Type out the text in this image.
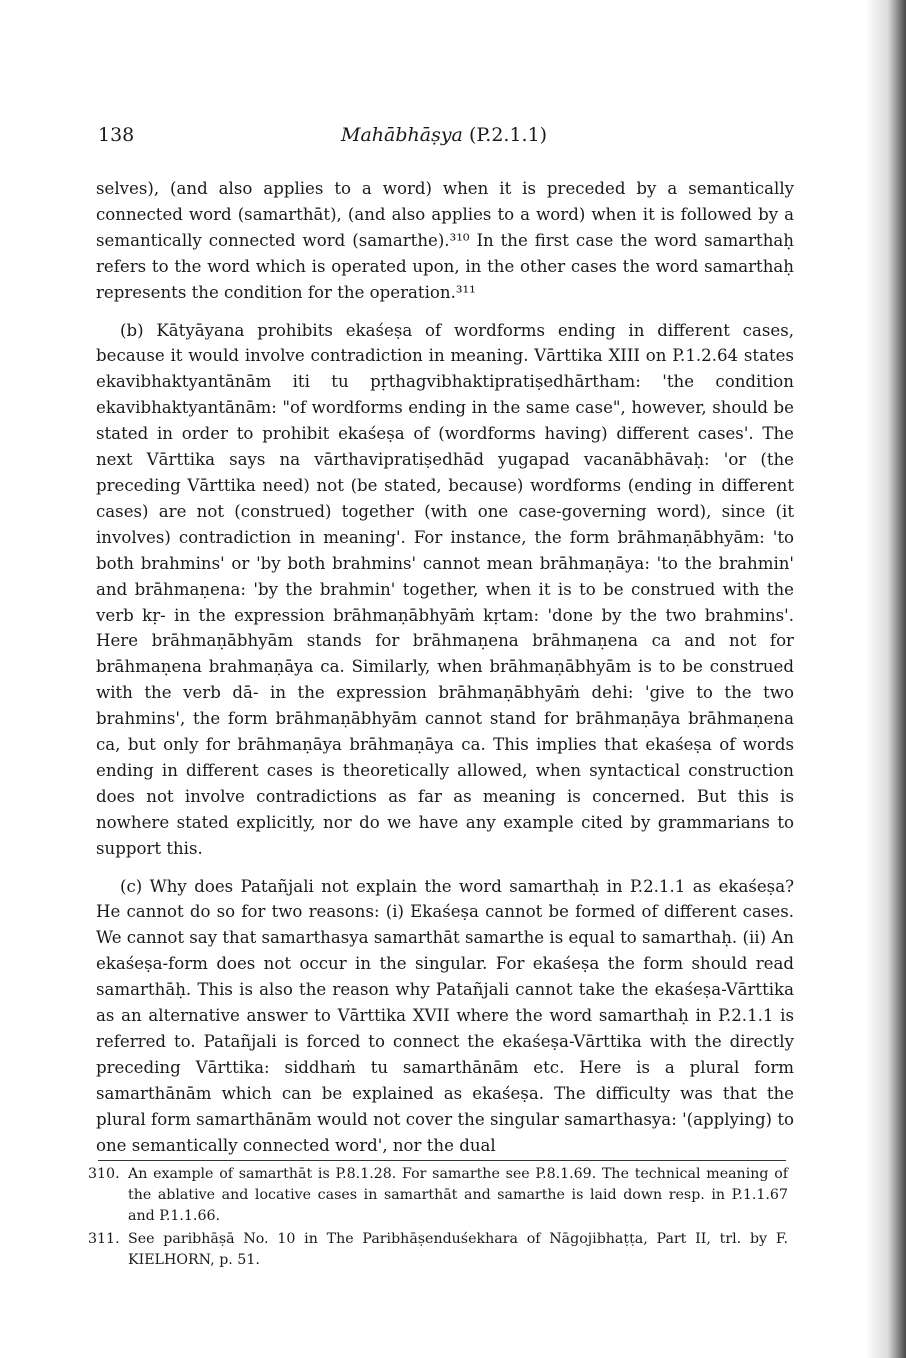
138	Mahābhāṣya (P.2.1.1)

selves), (and also applies to a word) when it is preceded by a semantically connected word (samarthāt), (and also applies to a word) when it is followed by a semantically connected word (samarthe).³¹⁰ In the first case the word samarthaḥ refers to the word which is operated upon, in the other cases the word samarthaḥ represents the condition for the operation.³¹¹

(b) Kātyāyana prohibits ekaśeṣa of wordforms ending in different cases, because it would involve contradiction in meaning. Vārttika XIII on P.1.2.64 states ekavibhaktyantānām iti tu pṛthagvibhaktipratiṣedhārtham: 'the condition ekavibhaktyantānām: "of wordforms ending in the same case", however, should be stated in order to prohibit ekaśeṣa of (wordforms having) different cases'. The next Vārttika says na vārthavipratiṣedhād yugapad vacanābhāvaḥ: 'or (the preceding Vārttika need) not (be stated, because) wordforms (ending in different cases) are not (construed) together (with one case-governing word), since (it involves) contradiction in meaning'. For instance, the form brāhmaṇābhyām: 'to both brahmins' or 'by both brahmins' cannot mean brāhmaṇāya: 'to the brahmin' and brāhmaṇena: 'by the brahmin' together, when it is to be construed with the verb kṛ- in the expression brāhmaṇābhyāṁ kṛtam: 'done by the two brahmins'. Here brāhmaṇābhyām stands for brāhmaṇena brāhmaṇena ca and not for brāhmaṇena brahmaṇāya ca. Similarly, when brāhmaṇābhyām is to be construed with the verb dā- in the expression brāhmaṇābhyāṁ dehi: 'give to the two brahmins', the form brāhmaṇābhyām cannot stand for brāhmaṇāya brāhmaṇena ca, but only for brāhmaṇāya brāhmaṇāya ca. This implies that ekaśeṣa of words ending in different cases is theoretically allowed, when syntactical construction does not involve contradictions as far as meaning is concerned. But this is nowhere stated explicitly, nor do we have any example cited by grammarians to support this.

(c) Why does Patañjali not explain the word samarthaḥ in P.2.1.1 as ekaśeṣa? He cannot do so for two reasons: (i) Ekaśeṣa cannot be formed of different cases. We cannot say that samarthasya samarthāt samarthe is equal to samarthaḥ. (ii) An ekaśeṣa-form does not occur in the singular. For ekaśeṣa the form should read samarthāḥ. This is also the reason why Patañjali cannot take the ekaśeṣa-Vārttika as an alternative answer to Vārttika XVII where the word samarthaḥ in P.2.1.1 is referred to. Patañjali is forced to connect the ekaśeṣa-Vārttika with the directly preceding Vārttika: siddhaṁ tu samarthānām etc. Here is a plural form samarthānām which can be explained as ekaśeṣa. The difficulty was that the plural form samarthānām would not cover the singular samarthasya: '(applying) to one semantically connected word', nor the dual

310. An example of samarthāt is P.8.1.28. For samarthe see P.8.1.69. The technical meaning of the ablative and locative cases in samarthāt and samarthe is laid down resp. in P.1.1.67 and P.1.1.66.
311. See paribhāṣā No. 10 in The Paribhāṣenduśekhara of Nāgojibhaṭṭa, Part II, trl. by F. KIELHORN, p. 51.
